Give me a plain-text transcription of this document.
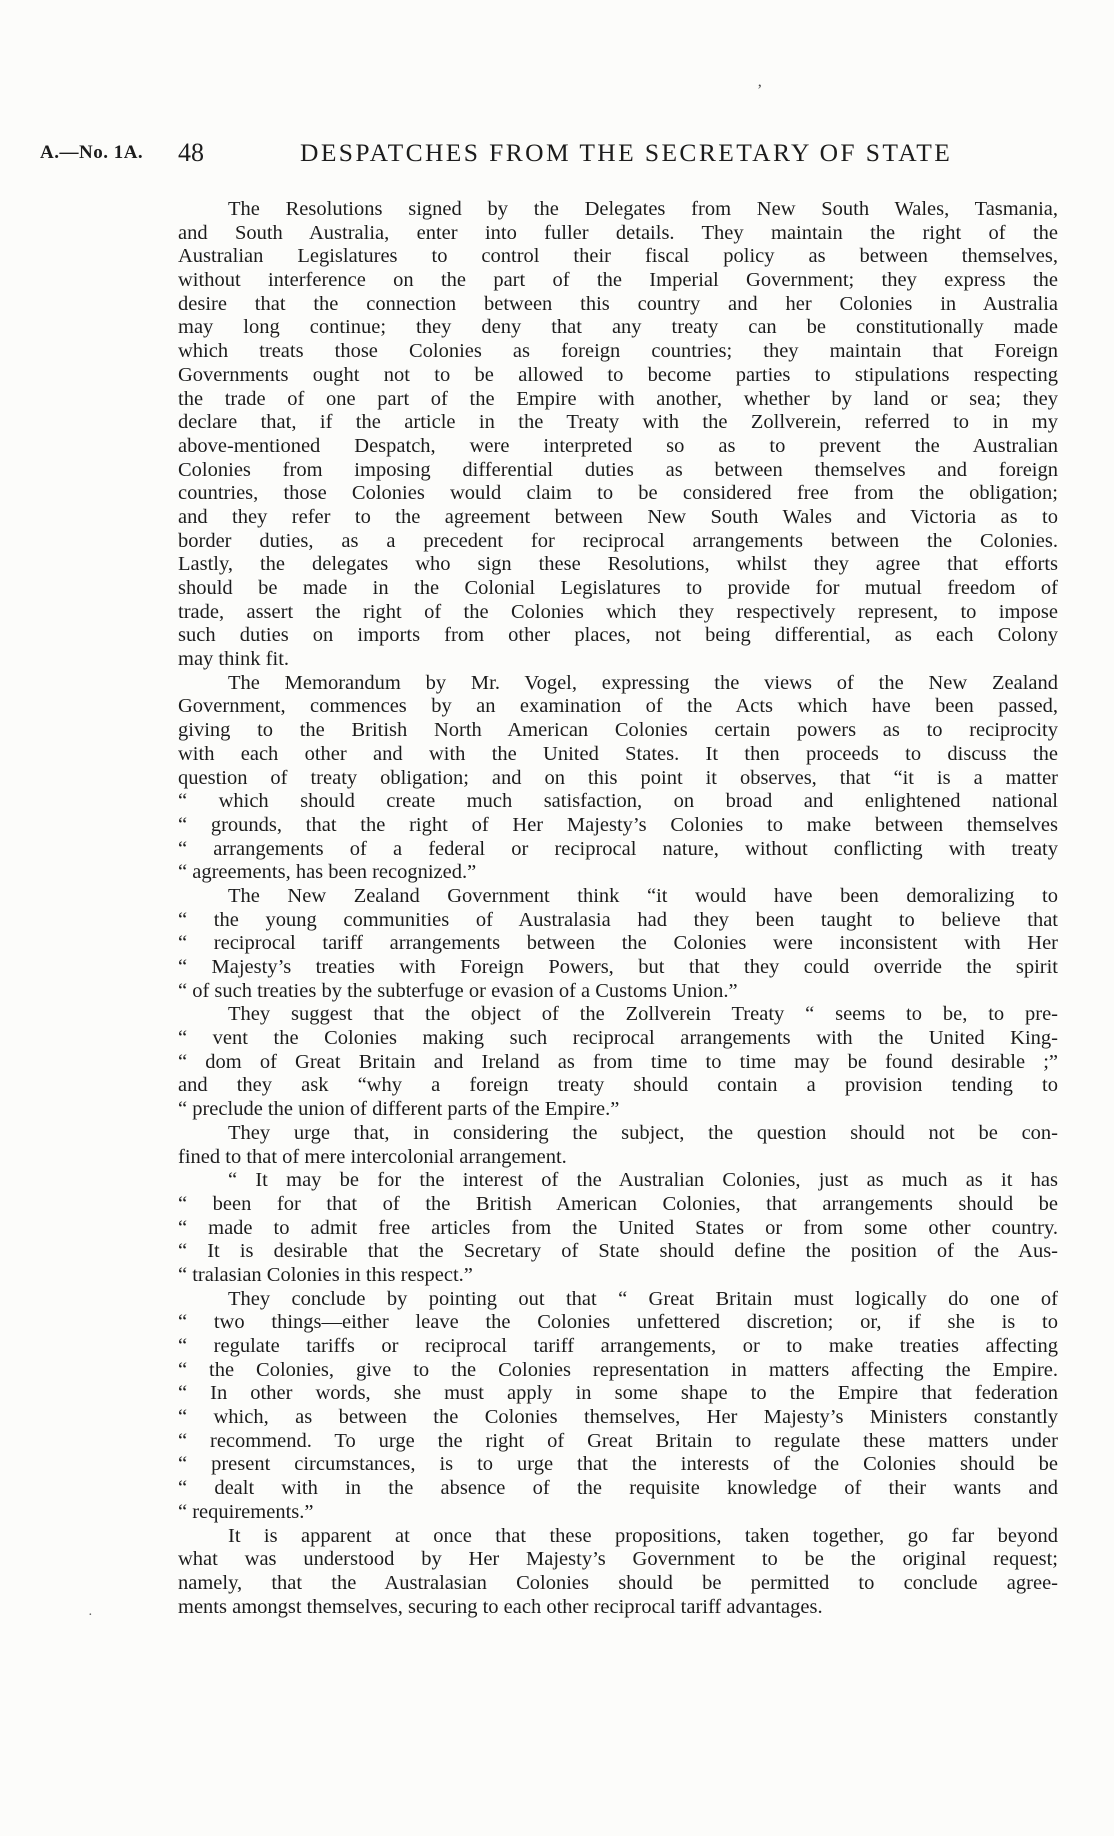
ʼ
A.—No. 1A. 48	DESPATCHES FROM THE SECRETARY OF STATE
·
The Resolutions signed by the Delegates from New South Wales, Tasmania,
and South Australia, enter into fuller details. They maintain the right of the
Australian Legislatures to control their fiscal policy as between themselves,
without interference on the part of the Imperial Government; they express the
desire that the connection between this country and her Colonies in Australia
may long continue; they deny that any treaty can be constitutionally made
which treats those Colonies as foreign countries; they maintain that Foreign
Governments ought not to be allowed to become parties to stipulations respecting
the trade of one part of the Empire with another, whether by land or sea; they
declare that, if the article in the Treaty with the Zollverein, referred to in my
above-mentioned Despatch, were interpreted so as to prevent the Australian
Colonies from imposing differential duties as between themselves and foreign
countries, those Colonies would claim to be considered free from the obligation;
and they refer to the agreement between New South Wales and Victoria as to
border duties, as a precedent for reciprocal arrangements between the Colonies.
Lastly, the delegates who sign these Resolutions, whilst they agree that efforts
should be made in the Colonial Legislatures to provide for mutual freedom of
trade, assert the right of the Colonies which they respectively represent, to impose
such duties on imports from other places, not being differential, as each Colony
may think fit.
The Memorandum by Mr. Vogel, expressing the views of the New Zealand
Government, commences by an examination of the Acts which have been passed,
giving to the British North American Colonies certain powers as to reciprocity
with each other and with the United States. It then proceeds to discuss the
question of treaty obligation; and on this point it observes, that “it is a matter
“ which should create much satisfaction, on broad and enlightened national
“ grounds, that the right of Her Majesty’s Colonies to make between themselves
“ arrangements of a federal or reciprocal nature, without conflicting with treaty
“ agreements, has been recognized.”
The New Zealand Government think “it would have been demoralizing to
“ the young communities of Australasia had they been taught to believe that
“ reciprocal tariff arrangements between the Colonies were inconsistent with Her
“ Majesty’s treaties with Foreign Powers, but that they could override the spirit
“ of such treaties by the subterfuge or evasion of a Customs Union.”
They suggest that the object of the Zollverein Treaty “ seems to be, to pre-
“ vent the Colonies making such reciprocal arrangements with the United King-
“ dom of Great Britain and Ireland as from time to time may be found desirable ;”
and they ask “why a foreign treaty should contain a provision tending to
“ preclude the union of different parts of the Empire.”
They urge that, in considering the subject, the question should not be con-
fined to that of mere intercolonial arrangement.
“ It may be for the interest of the Australian Colonies, just as much as it has
“ been for that of the British American Colonies, that arrangements should be
“ made to admit free articles from the United States or from some other country.
“ It is desirable that the Secretary of State should define the position of the Aus-
“ tralasian Colonies in this respect.”
They conclude by pointing out that “ Great Britain must logically do one of
“ two things—either leave the Colonies unfettered discretion; or, if she is to
“ regulate tariffs or reciprocal tariff arrangements, or to make treaties affecting
“ the Colonies, give to the Colonies representation in matters affecting the Empire.
“ In other words, she must apply in some shape to the Empire that federation
“ which, as between the Colonies themselves, Her Majesty’s Ministers constantly
“ recommend. To urge the right of Great Britain to regulate these matters under
“ present circumstances, is to urge that the interests of the Colonies should be
“ dealt with in the absence of the requisite knowledge of their wants and
“ requirements.”
It is apparent at once that these propositions, taken together, go far beyond
what was understood by Her Majesty’s Government to be the original request;
namely, that the Australasian Colonies should be permitted to conclude agree-
ments amongst themselves, securing to each other reciprocal tariff advantages.
